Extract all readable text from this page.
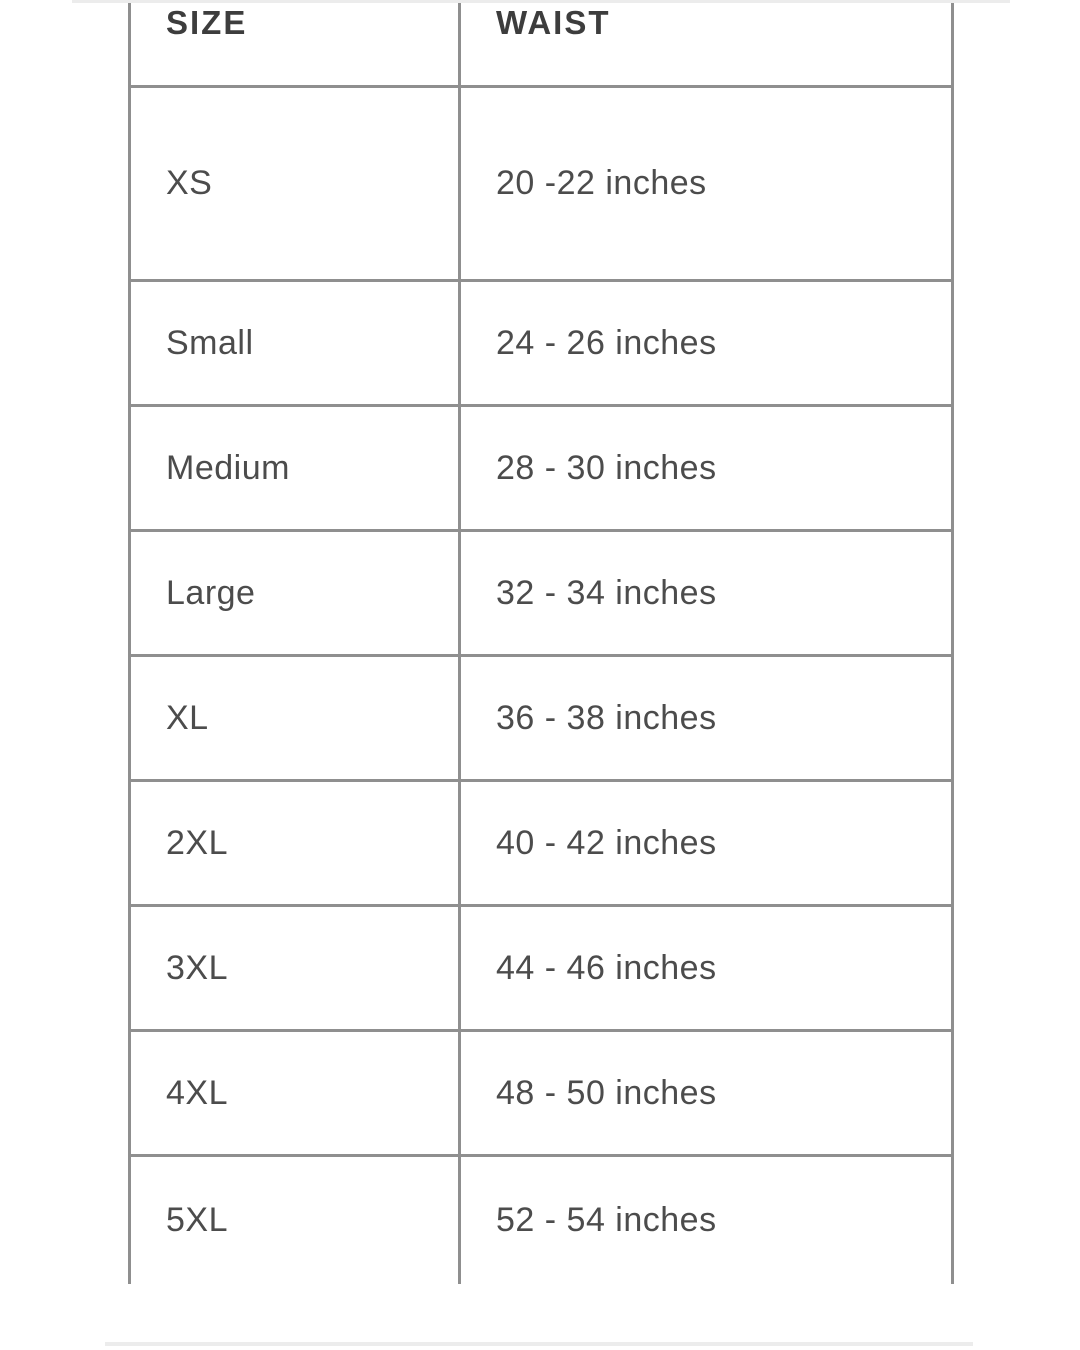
SIZE	WAIST
XS	20 -22 inches
Small	24 - 26 inches
Medium	28 - 30 inches
Large	32 - 34 inches
XL	36 - 38 inches
2XL	40 - 42 inches
3XL	44 - 46 inches
4XL	48 - 50 inches
5XL	52 - 54 inches
